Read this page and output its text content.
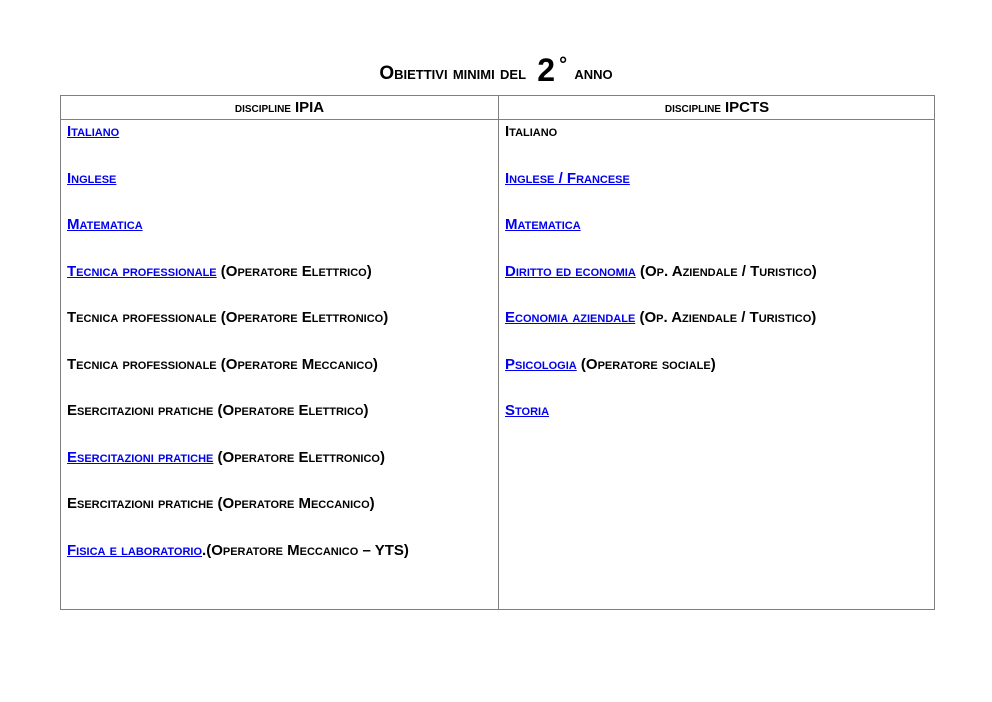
Obiettivi minimi del 2 ° anno
discipline IPIA	discipline IPCTS
Italiano
Inglese
Matematica
Tecnica professionale (Operatore Elettrico)
Tecnica professionale (Operatore Elettronico)
Tecnica professionale (Operatore Meccanico)
Esercitazioni pratiche (Operatore Elettrico)
Esercitazioni pratiche (Operatore Elettronico)
Esercitazioni pratiche (Operatore Meccanico)
Fisica e laboratorio.(Operatore Meccanico – YTS)
Italiano
Inglese / Francese
Matematica
Diritto ed economia (Op. Aziendale / Turistico)
Economia aziendale (Op. Aziendale / Turistico)
Psicologia (Operatore sociale)
Storia
